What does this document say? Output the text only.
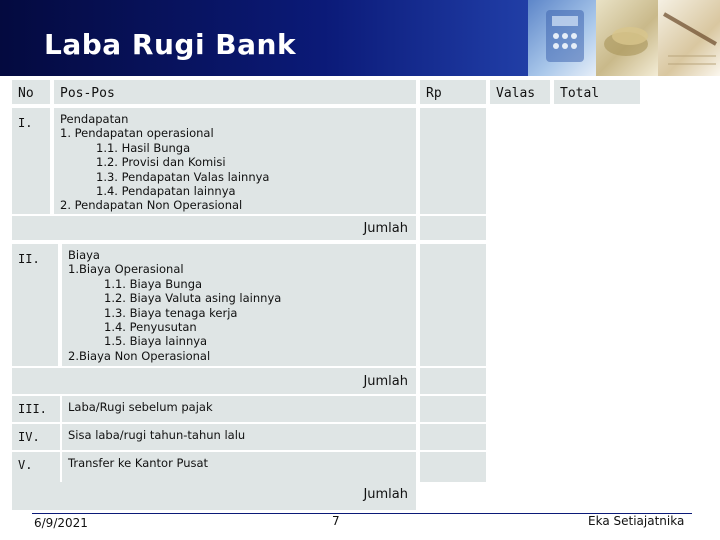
Laba Rugi Bank
No	Pos-Pos	Rp	Valas	Total
I.	Pendapatan
1. Pendapatan operasional
1.1. Hasil Bunga
1.2. Provisi dan Komisi
1.3. Pendapatan Valas lainnya
1.4. Pendapatan lainnya
2. Pendapatan Non Operasional
Jumlah
II.	Biaya
1.Biaya Operasional
1.1. Biaya Bunga
1.2. Biaya Valuta asing lainnya
1.3. Biaya tenaga kerja
1.4. Penyusutan
1.5. Biaya lainnya
2.Biaya Non Operasional
Jumlah
III.	Laba/Rugi sebelum pajak
IV.	Sisa laba/rugi tahun-tahun lalu
V.	Transfer ke Kantor Pusat
Jumlah
6/9/2021	7	Eka Setiajatnika
